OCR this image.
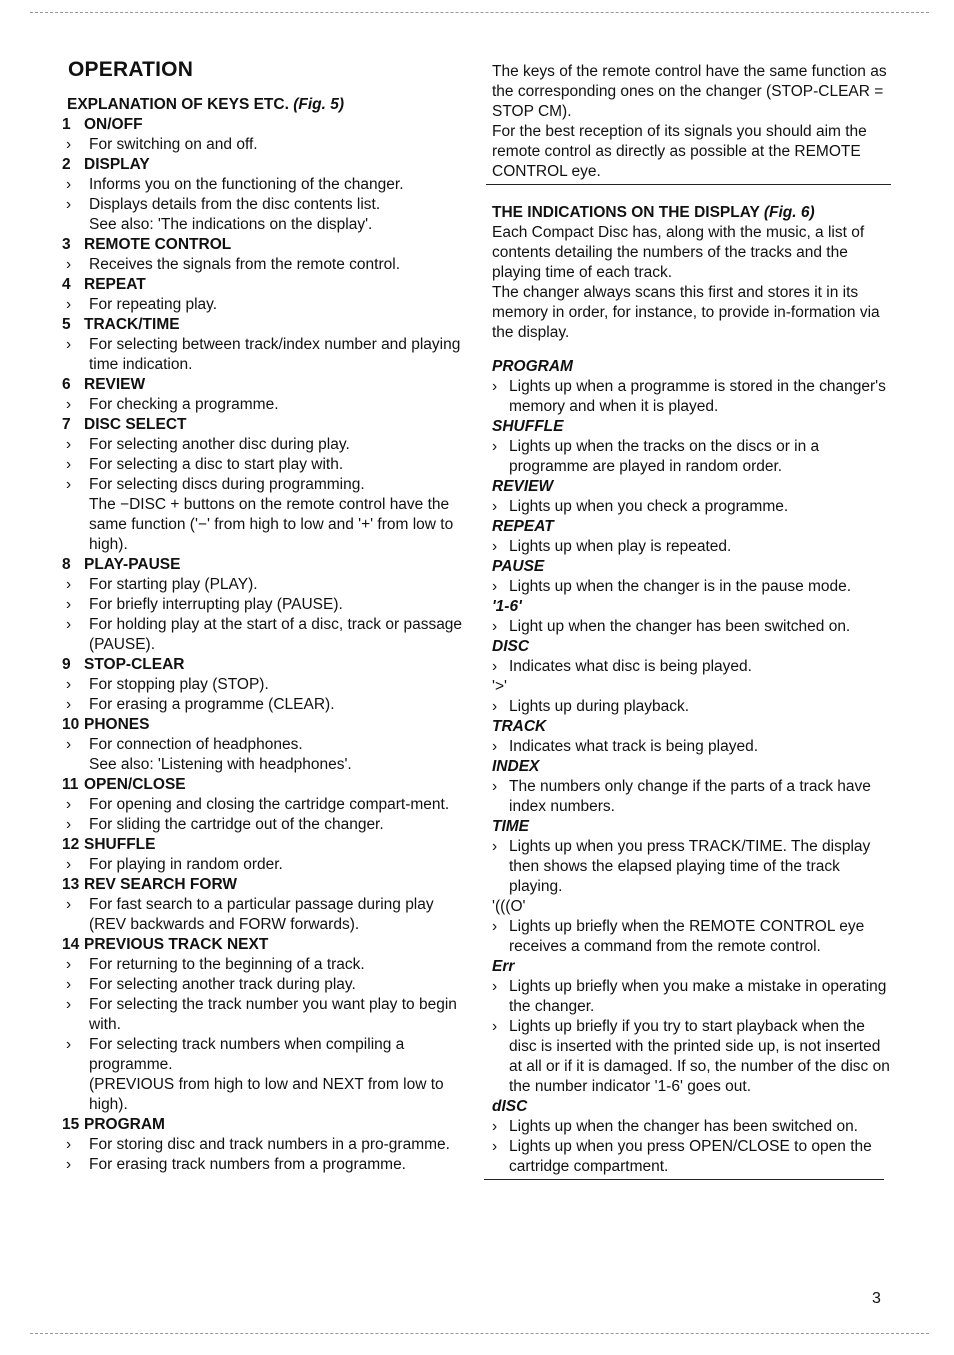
OPERATION
EXPLANATION OF KEYS ETC. (Fig. 5)
1 ON/OFF
› For switching on and off.
2 DISPLAY
› Informs you on the functioning of the changer.
› Displays details from the disc contents list.
See also: 'The indications on the display'.
3 REMOTE CONTROL
› Receives the signals from the remote control.
4 REPEAT
› For repeating play.
5 TRACK/TIME
› For selecting between track/index number and playing time indication.
6 REVIEW
› For checking a programme.
7 DISC SELECT
› For selecting another disc during play.
› For selecting a disc to start play with.
› For selecting discs during programming.
The −DISC + buttons on the remote control have the same function ('−' from high to low and '+' from low to high).
8 PLAY-PAUSE
› For starting play (PLAY).
› For briefly interrupting play (PAUSE).
› For holding play at the start of a disc, track or passage (PAUSE).
9 STOP-CLEAR
› For stopping play (STOP).
› For erasing a programme (CLEAR).
10 PHONES
› For connection of headphones.
See also: 'Listening with headphones'.
11 OPEN/CLOSE
› For opening and closing the cartridge compart-ment.
› For sliding the cartridge out of the changer.
12 SHUFFLE
› For playing in random order.
13 REV SEARCH FORW
› For fast search to a particular passage during play (REV backwards and FORW forwards).
14 PREVIOUS TRACK NEXT
› For returning to the beginning of a track.
› For selecting another track during play.
› For selecting the track number you want play to begin with.
› For selecting track numbers when compiling a programme.
(PREVIOUS from high to low and NEXT from low to high).
15 PROGRAM
› For storing disc and track numbers in a pro-gramme.
› For erasing track numbers from a programme.
The keys of the remote control have the same function as the corresponding ones on the changer (STOP-CLEAR = STOP CM).
For the best reception of its signals you should aim the remote control as directly as possible at the REMOTE CONTROL eye.
THE INDICATIONS ON THE DISPLAY (Fig. 6)
Each Compact Disc has, along with the music, a list of contents detailing the numbers of the tracks and the playing time of each track.
The changer always scans this first and stores it in its memory in order, for instance, to provide in-formation via the display.
PROGRAM
› Lights up when a programme is stored in the changer's memory and when it is played.
SHUFFLE
› Lights up when the tracks on the discs or in a programme are played in random order.
REVIEW
› Lights up when you check a programme.
REPEAT
› Lights up when play is repeated.
PAUSE
› Lights up when the changer is in the pause mode.
'1-6'
› Light up when the changer has been switched on.
DISC
› Indicates what disc is being played.
'>'
› Lights up during playback.
TRACK
› Indicates what track is being played.
INDEX
› The numbers only change if the parts of a track have index numbers.
TIME
› Lights up when you press TRACK/TIME. The display then shows the elapsed playing time of the track playing.
'(((O'
› Lights up briefly when the REMOTE CONTROL eye receives a command from the remote control.
Err
› Lights up briefly when you make a mistake in operating the changer.
› Lights up briefly if you try to start playback when the disc is inserted with the printed side up, is not inserted at all or if it is damaged. If so, the number of the disc on the number indicator '1-6' goes out.
dISC
› Lights up when the changer has been switched on.
› Lights up when you press OPEN/CLOSE to open the cartridge compartment.
3
